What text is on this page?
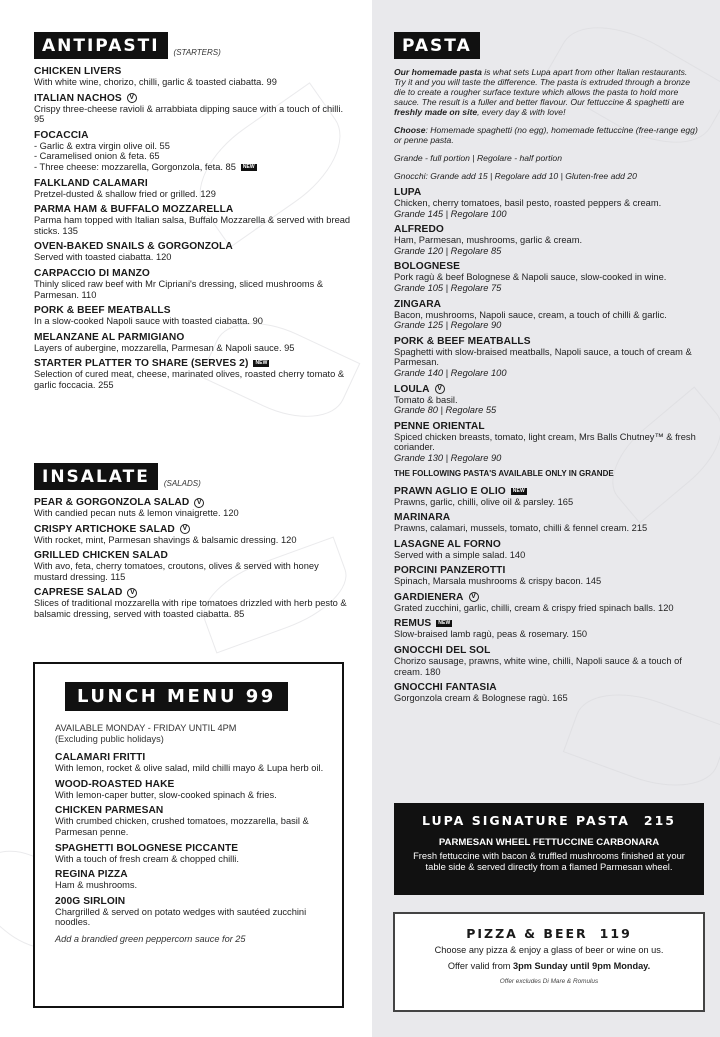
ANTIPASTI	(STARTERS)
CHICKEN LIVERS
With white wine, chorizo, chilli, garlic & toasted ciabatta. 99
ITALIAN NACHOS	V
Crispy three-cheese ravioli & arrabbiata dipping sauce with a touch of chilli. 95
FOCACCIA
- Garlic & extra virgin olive oil. 55
- Caramelised onion & feta. 65
- Three cheese: mozzarella, Gorgonzola, feta. 85 NEW
FALKLAND CALAMARI
Pretzel-dusted & shallow fried or grilled. 129
PARMA HAM & BUFFALO MOZZARELLA
Parma ham topped with Italian salsa, Buffalo Mozzarella & served with bread sticks. 135
OVEN-BAKED SNAILS & GORGONZOLA
Served with toasted ciabatta. 120
CARPACCIO DI MANZO
Thinly sliced raw beef with Mr Cipriani's dressing, sliced mushrooms & Parmesan. 110
PORK & BEEF MEATBALLS
In a slow-cooked Napoli sauce with toasted ciabatta. 90
MELANZANE AL PARMIGIANO
Layers of aubergine, mozzarella, Parmesan & Napoli sauce. 95
STARTER PLATTER TO SHARE (SERVES 2)	NEW
Selection of cured meat, cheese, marinated olives, roasted cherry tomato & garlic foccacia. 255
INSALATE	(SALADS)
PEAR & GORGONZOLA SALAD	V
With candied pecan nuts & lemon vinaigrette. 120
CRISPY ARTICHOKE SALAD	V
With rocket, mint, Parmesan shavings & balsamic dressing. 120
GRILLED CHICKEN SALAD
With avo, feta, cherry tomatoes, croutons, olives & served with honey mustard dressing. 115
CAPRESE SALAD	V
Slices of traditional mozzarella with ripe tomatoes drizzled with herb pesto & balsamic dressing, served with toasted ciabatta. 85
LUNCH MENU 99
AVAILABLE MONDAY - FRIDAY UNTIL 4PM
(Excluding public holidays)
CALAMARI FRITTI
With lemon, rocket & olive salad, mild chilli mayo & Lupa herb oil.
WOOD-ROASTED HAKE
With lemon-caper butter, slow-cooked spinach & fries.
CHICKEN PARMESAN
With crumbed chicken, crushed tomatoes, mozzarella, basil & Parmesan penne.
SPAGHETTI BOLOGNESE PICCANTE
With a touch of fresh cream & chopped chilli.
REGINA PIZZA
Ham & mushrooms.
200G SIRLOIN
Chargrilled & served on potato wedges with sautéed zucchini noodles.
Add a brandied green peppercorn sauce for 25
PASTA

Our homemade pasta is what sets Lupa apart from other Italian restaurants. Try it and you will taste the difference. The pasta is extruded through a bronze die to create a rougher surface texture which allows the pasta to hold more sauce. The result is a fuller and better flavour. Our fettuccine & spaghetti are freshly made on site, every day & with love!

Choose: Homemade spaghetti (no egg), homemade fettuccine (free-range egg) or penne pasta.

Grande - full portion | Regolare - half portion

Gnocchi: Grande add 15 | Regolare add 10 | Gluten-free add 20

LUPA
Chicken, cherry tomatoes, basil pesto, roasted peppers & cream.
Grande 145 | Regolare 100
ALFREDO
Ham, Parmesan, mushrooms, garlic & cream.
Grande 120 | Regolare 85
BOLOGNESE
Pork ragù & beef Bolognese & Napoli sauce, slow-cooked in wine.
Grande 105 | Regolare 75
ZINGARA
Bacon, mushrooms, Napoli sauce, cream, a touch of chilli & garlic.
Grande 125 | Regolare 90
PORK & BEEF MEATBALLS
Spaghetti with slow-braised meatballs, Napoli sauce, a touch of cream & Parmesan.
Grande 140 | Regolare 100
LOULA	V
Tomato & basil.
Grande 80 | Regolare 55
PENNE ORIENTAL
Spiced chicken breasts, tomato, light cream, Mrs Balls Chutney™ & fresh coriander.
Grande 130 | Regolare 90
THE FOLLOWING PASTA'S AVAILABLE ONLY IN GRANDE
PRAWN AGLIO E OLIO	NEW
Prawns, garlic, chilli, olive oil & parsley. 165
MARINARA
Prawns, calamari, mussels, tomato, chilli & fennel cream. 215
LASAGNE AL FORNO
Served with a simple salad. 140
PORCINI PANZEROTTI
Spinach, Marsala mushrooms & crispy bacon. 145
GARDIENERA	V
Grated zucchini, garlic, chilli, cream & crispy fried spinach balls. 120
REMUS	NEW
Slow-braised lamb ragù, peas & rosemary. 150
GNOCCHI DEL SOL
Chorizo sausage, prawns, white wine, chilli, Napoli sauce & a touch of cream. 180
GNOCCHI FANTASIA
Gorgonzola cream & Bolognese ragù. 165
LUPA SIGNATURE PASTA 215
PARMESAN WHEEL FETTUCCINE CARBONARA
Fresh fettuccine with bacon & truffled mushrooms finished at your table side & served directly from a flamed Parmesan wheel.
PIZZA & BEER 119
Choose any pizza & enjoy a glass of beer or wine on us.
Offer valid from 3pm Sunday until 9pm Monday.
Offer excludes Di Mare & Romulus
